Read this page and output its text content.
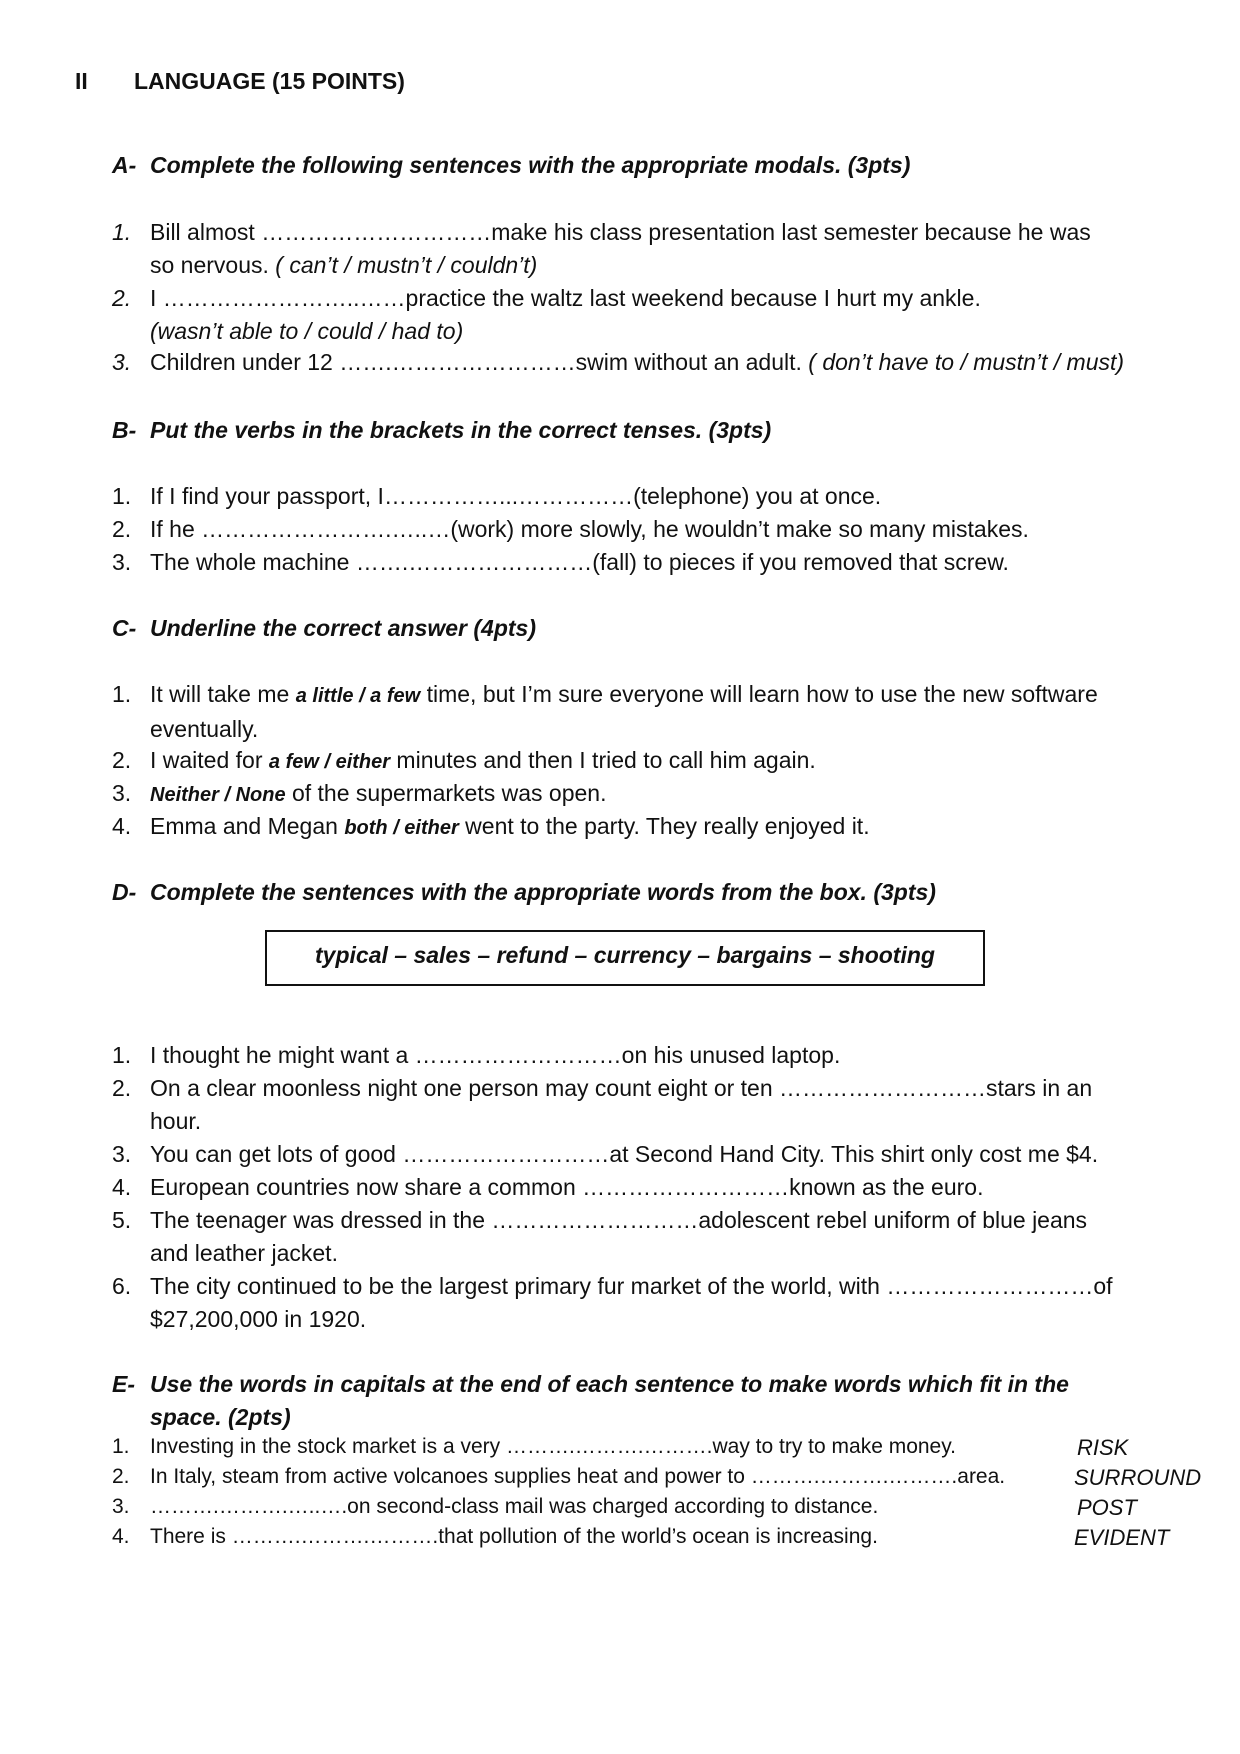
II LANGUAGE (15 POINTS)
A- Complete the following sentences with the appropriate modals. (3pts)
1. Bill almost …………………………make his class presentation last semester because he was
so nervous. ( can’t / mustn’t / couldn’t)
2. I ……………………..……practice the waltz last weekend because I hurt my ankle.
(wasn’t able to / could / had to)
3. Children under 12 …….……………………swim without an adult. ( don’t have to / mustn’t / must)
B- Put the verbs in the brackets in the correct tenses. (3pts)
1. If I find your passport, I……………...……………(telephone) you at once.
2. If he …………………….…..…(work) more slowly, he wouldn’t make so many mistakes.
3. The whole machine …….……………………(fall) to pieces if you removed that screw.
C- Underline the correct answer (4pts)
1. It will take me a little / a few time, but I’m sure everyone will learn how to use the new software
eventually.
2. I waited for a few / either minutes and then I tried to call him again.
3. Neither / None of the supermarkets was open.
4. Emma and Megan both / either went to the party. They really enjoyed it.
D- Complete the sentences with the appropriate words from the box. (3pts)
typical – sales – refund – currency – bargains – shooting
1. I thought he might want a ………………………on his unused laptop.
2. On a clear moonless night one person may count eight or ten ………………………stars in an
hour.
3. You can get lots of good ………………………at Second Hand City. This shirt only cost me $4.
4. European countries now share a common ………………………known as the euro.
5. The teenager was dressed in the ………………………adolescent rebel uniform of blue jeans
and leather jacket.
6. The city continued to be the largest primary fur market of the world, with ………………………of
$27,200,000 in 1920.
E- Use the words in capitals at the end of each sentence to make words which fit in the
space. (2pts)
1. Investing in the stock market is a very ……….……….……….way to try to make money.	RISK
2. In Italy, steam from active volcanoes supplies heat and power to ……….……….……….area.	SURROUND
3. ……….……….…..….on second-class mail was charged according to distance.	POST
4. There is ……….……….……….that pollution of the world’s ocean is increasing.	EVIDENT
